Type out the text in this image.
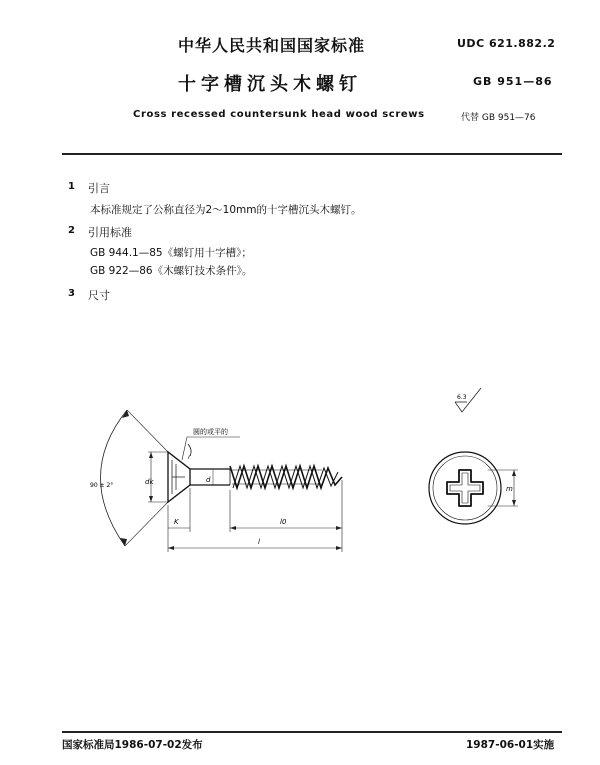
中华人民共和国国家标准	UDC 621.882.2
十字槽沉头木螺钉	GB 951—86
Cross recessed countersunk head wood screws	代替 GB 951—76
1 引言
本标准规定了公称直径为2～10mm的十字槽沉头木螺钉。
2 引用标准
GB 944.1—85《螺钉用十字槽》；
GB 922—86《木螺钉技术条件》。
3 尺寸
90 ± 2°	dk	d
r
圆的或平的
K	l0
l
6.3
m
国家标准局1986-07-02发布	1987-06-01实施
